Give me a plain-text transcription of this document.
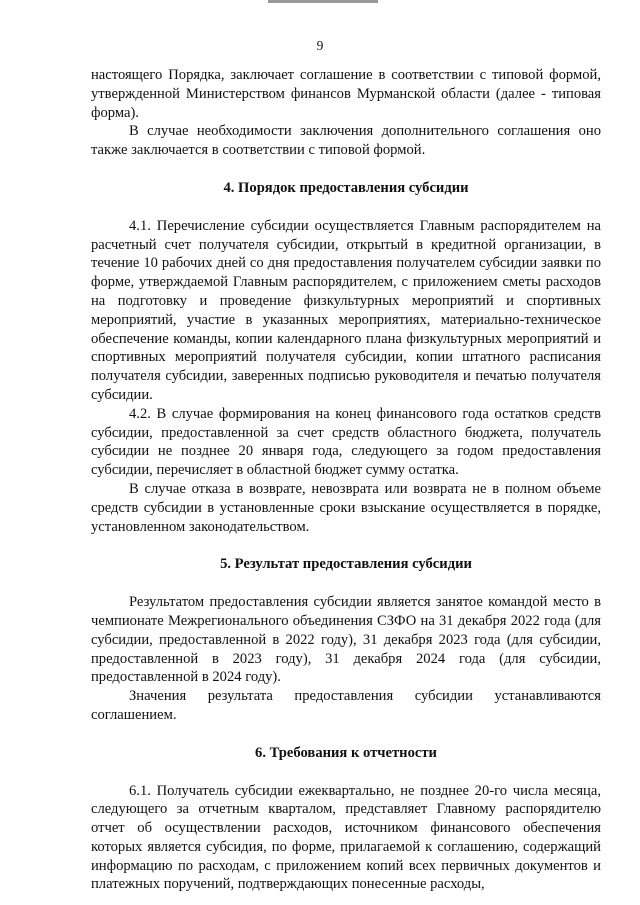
9

настоящего Порядка, заключает соглашение в соответствии с типовой формой, утвержденной Министерством финансов Мурманской области (далее - типовая форма).

В случае необходимости заключения дополнительного соглашения оно также заключается в соответствии с типовой формой.

4. Порядок предоставления субсидии

4.1. Перечисление субсидии осуществляется Главным распорядителем на расчетный счет получателя субсидии, открытый в кредитной организации, в течение 10 рабочих дней со дня предоставления получателем субсидии заявки по форме, утверждаемой Главным распорядителем, с приложением сметы расходов на подготовку и проведение физкультурных мероприятий и спортивных мероприятий, участие в указанных мероприятиях, материально-техническое обеспечение команды, копии календарного плана физкультурных мероприятий и спортивных мероприятий получателя субсидии, копии штатного расписания получателя субсидии, заверенных подписью руководителя и печатью получателя субсидии.

4.2. В случае формирования на конец финансового года остатков средств субсидии, предоставленной за счет средств областного бюджета, получатель субсидии не позднее 20 января года, следующего за годом предоставления субсидии, перечисляет в областной бюджет сумму остатка.

В случае отказа в возврате, невозврата или возврата не в полном объеме средств субсидии в установленные сроки взыскание осуществляется в порядке, установленном законодательством.

5. Результат предоставления субсидии

Результатом предоставления субсидии является занятое командой место в чемпионате Межрегионального объединения СЗФО на 31 декабря 2022 года (для субсидии, предоставленной в 2022 году), 31 декабря 2023 года (для субсидии, предоставленной в 2023 году), 31 декабря 2024 года (для субсидии, предоставленной в 2024 году).

Значения результата предоставления субсидии устанавливаются соглашением.

6. Требования к отчетности

6.1. Получатель субсидии ежеквартально, не позднее 20-го числа месяца, следующего за отчетным кварталом, представляет Главному распорядителю отчет об осуществлении расходов, источником финансового обеспечения которых является субсидия, по форме, прилагаемой к соглашению, содержащий информацию по расходам, с приложением копий всех первичных документов и платежных поручений, подтверждающих понесенные расходы,
